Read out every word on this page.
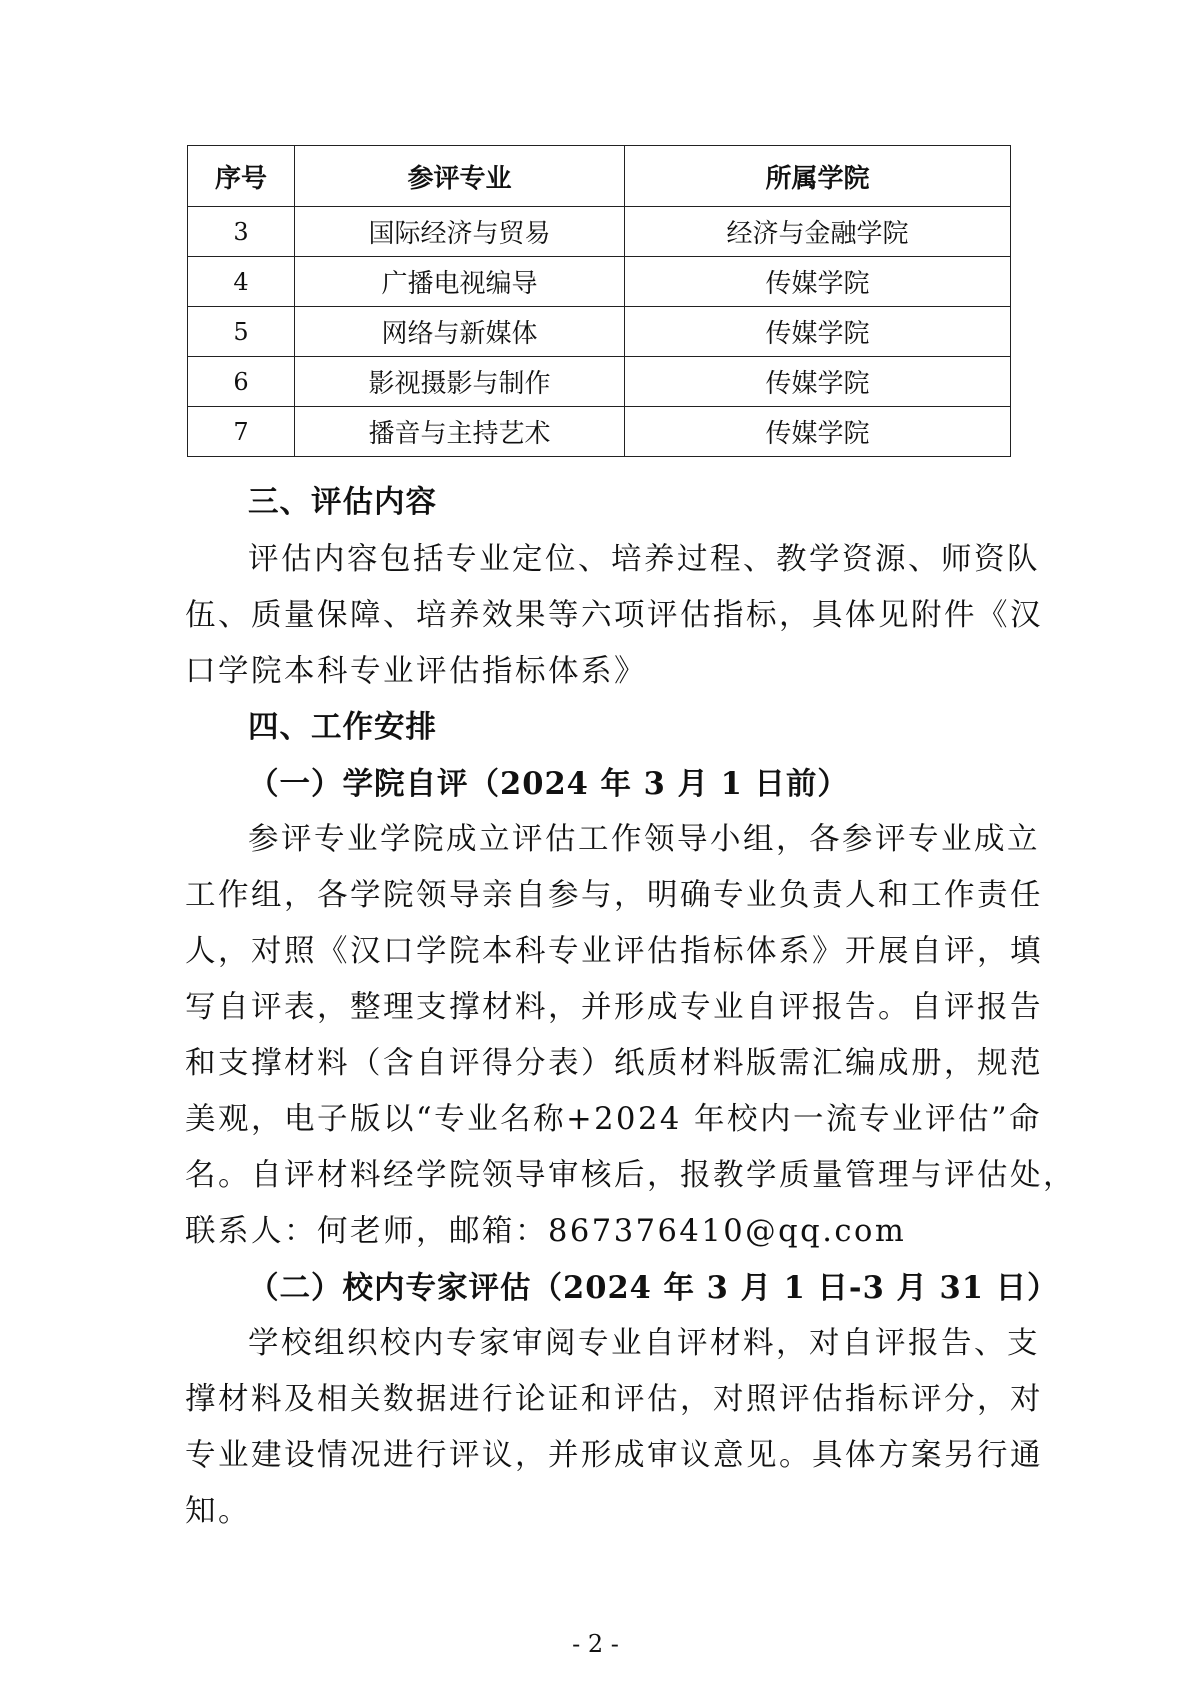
序号	参评专业	所属学院
3	国际经济与贸易	经济与金融学院
4	广播电视编导	传媒学院
5	网络与新媒体	传媒学院
6	影视摄影与制作	传媒学院
7	播音与主持艺术	传媒学院
三、评估内容
评估内容包括专业定位、培养过程、教学资源、师资队
伍、质量保障、培养效果等六项评估指标，具体见附件《汉
口学院本科专业评估指标体系》
四、工作安排
（一）学院自评（2024 年 3 月 1 日前）
参评专业学院成立评估工作领导小组，各参评专业成立
工作组，各学院领导亲自参与，明确专业负责人和工作责任
人，对照《汉口学院本科专业评估指标体系》开展自评，填
写自评表，整理支撑材料，并形成专业自评报告。自评报告
和支撑材料（含自评得分表）纸质材料版需汇编成册，规范
美观，电子版以“专业名称+2024 年校内一流专业评估”命
名。自评材料经学院领导审核后，报教学质量管理与评估处，
联系人：何老师，邮箱：867376410@qq.com
（二）校内专家评估（2024 年 3 月 1 日-3 月 31 日）
学校组织校内专家审阅专业自评材料，对自评报告、支
撑材料及相关数据进行论证和评估，对照评估指标评分，对
专业建设情况进行评议，并形成审议意见。具体方案另行通
知。
- 2 -
